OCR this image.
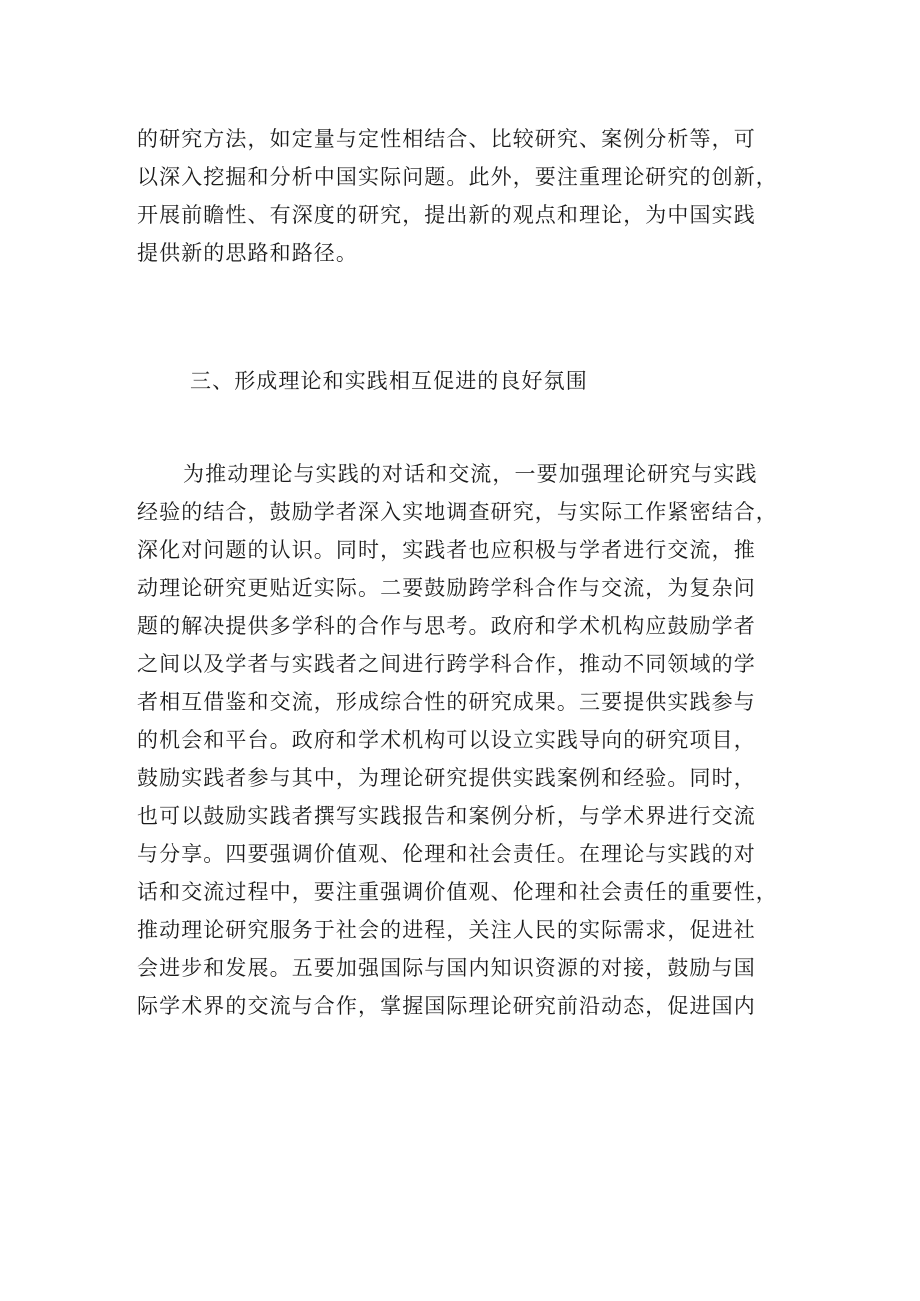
的研究方法，如定量与定性相结合、比较研究、案例分析等，可
以深入挖掘和分析中国实际问题。此外，要注重理论研究的创新，
开展前瞻性、有深度的研究，提出新的观点和理论，为中国实践
提供新的思路和路径。
三、形成理论和实践相互促进的良好氛围
为推动理论与实践的对话和交流，一要加强理论研究与实践
经验的结合，鼓励学者深入实地调查研究，与实际工作紧密结合，
深化对问题的认识。同时，实践者也应积极与学者进行交流，推
动理论研究更贴近实际。二要鼓励跨学科合作与交流，为复杂问
题的解决提供多学科的合作与思考。政府和学术机构应鼓励学者
之间以及学者与实践者之间进行跨学科合作，推动不同领域的学
者相互借鉴和交流，形成综合性的研究成果。三要提供实践参与
的机会和平台。政府和学术机构可以设立实践导向的研究项目，
鼓励实践者参与其中，为理论研究提供实践案例和经验。同时，
也可以鼓励实践者撰写实践报告和案例分析，与学术界进行交流
与分享。四要强调价值观、伦理和社会责任。在理论与实践的对
话和交流过程中，要注重强调价值观、伦理和社会责任的重要性，
推动理论研究服务于社会的进程，关注人民的实际需求，促进社
会进步和发展。五要加强国际与国内知识资源的对接，鼓励与国
际学术界的交流与合作，掌握国际理论研究前沿动态，促进国内
